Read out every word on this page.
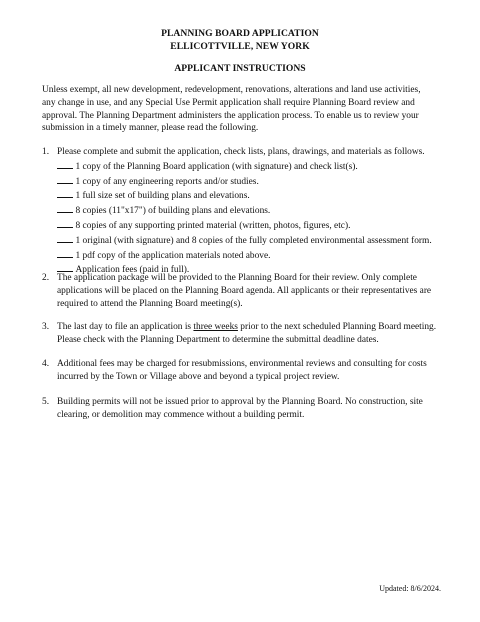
PLANNING BOARD APPLICATION
ELLICOTTVILLE, NEW YORK
APPLICANT INSTRUCTIONS
Unless exempt, all new development, redevelopment, renovations, alterations and land use activities,
any change in use, and any Special Use Permit application shall require Planning Board review and
approval. The Planning Department administers the application process. To enable us to review your
submission in a timely manner, please read the following.
1. Please complete and submit the application, check lists, plans, drawings, and materials as follows.
1 copy of the Planning Board application (with signature) and check list(s).
1 copy of any engineering reports and/or studies.
1 full size set of building plans and elevations.
8 copies (11"x17") of building plans and elevations.
8 copies of any supporting printed material (written, photos, figures, etc).
1 original (with signature) and 8 copies of the fully completed environmental assessment form.
1 pdf copy of the application materials noted above.
Application fees (paid in full).
2. The application package will be provided to the Planning Board for their review. Only complete
applications will be placed on the Planning Board agenda. All applicants or their representatives are
required to attend the Planning Board meeting(s).
3. The last day to file an application is three weeks prior to the next scheduled Planning Board meeting.
Please check with the Planning Department to determine the submittal deadline dates.
4. Additional fees may be charged for resubmissions, environmental reviews and consulting for costs
incurred by the Town or Village above and beyond a typical project review.
5. Building permits will not be issued prior to approval by the Planning Board. No construction, site
clearing, or demolition may commence without a building permit.
Updated: 8/6/2024.
